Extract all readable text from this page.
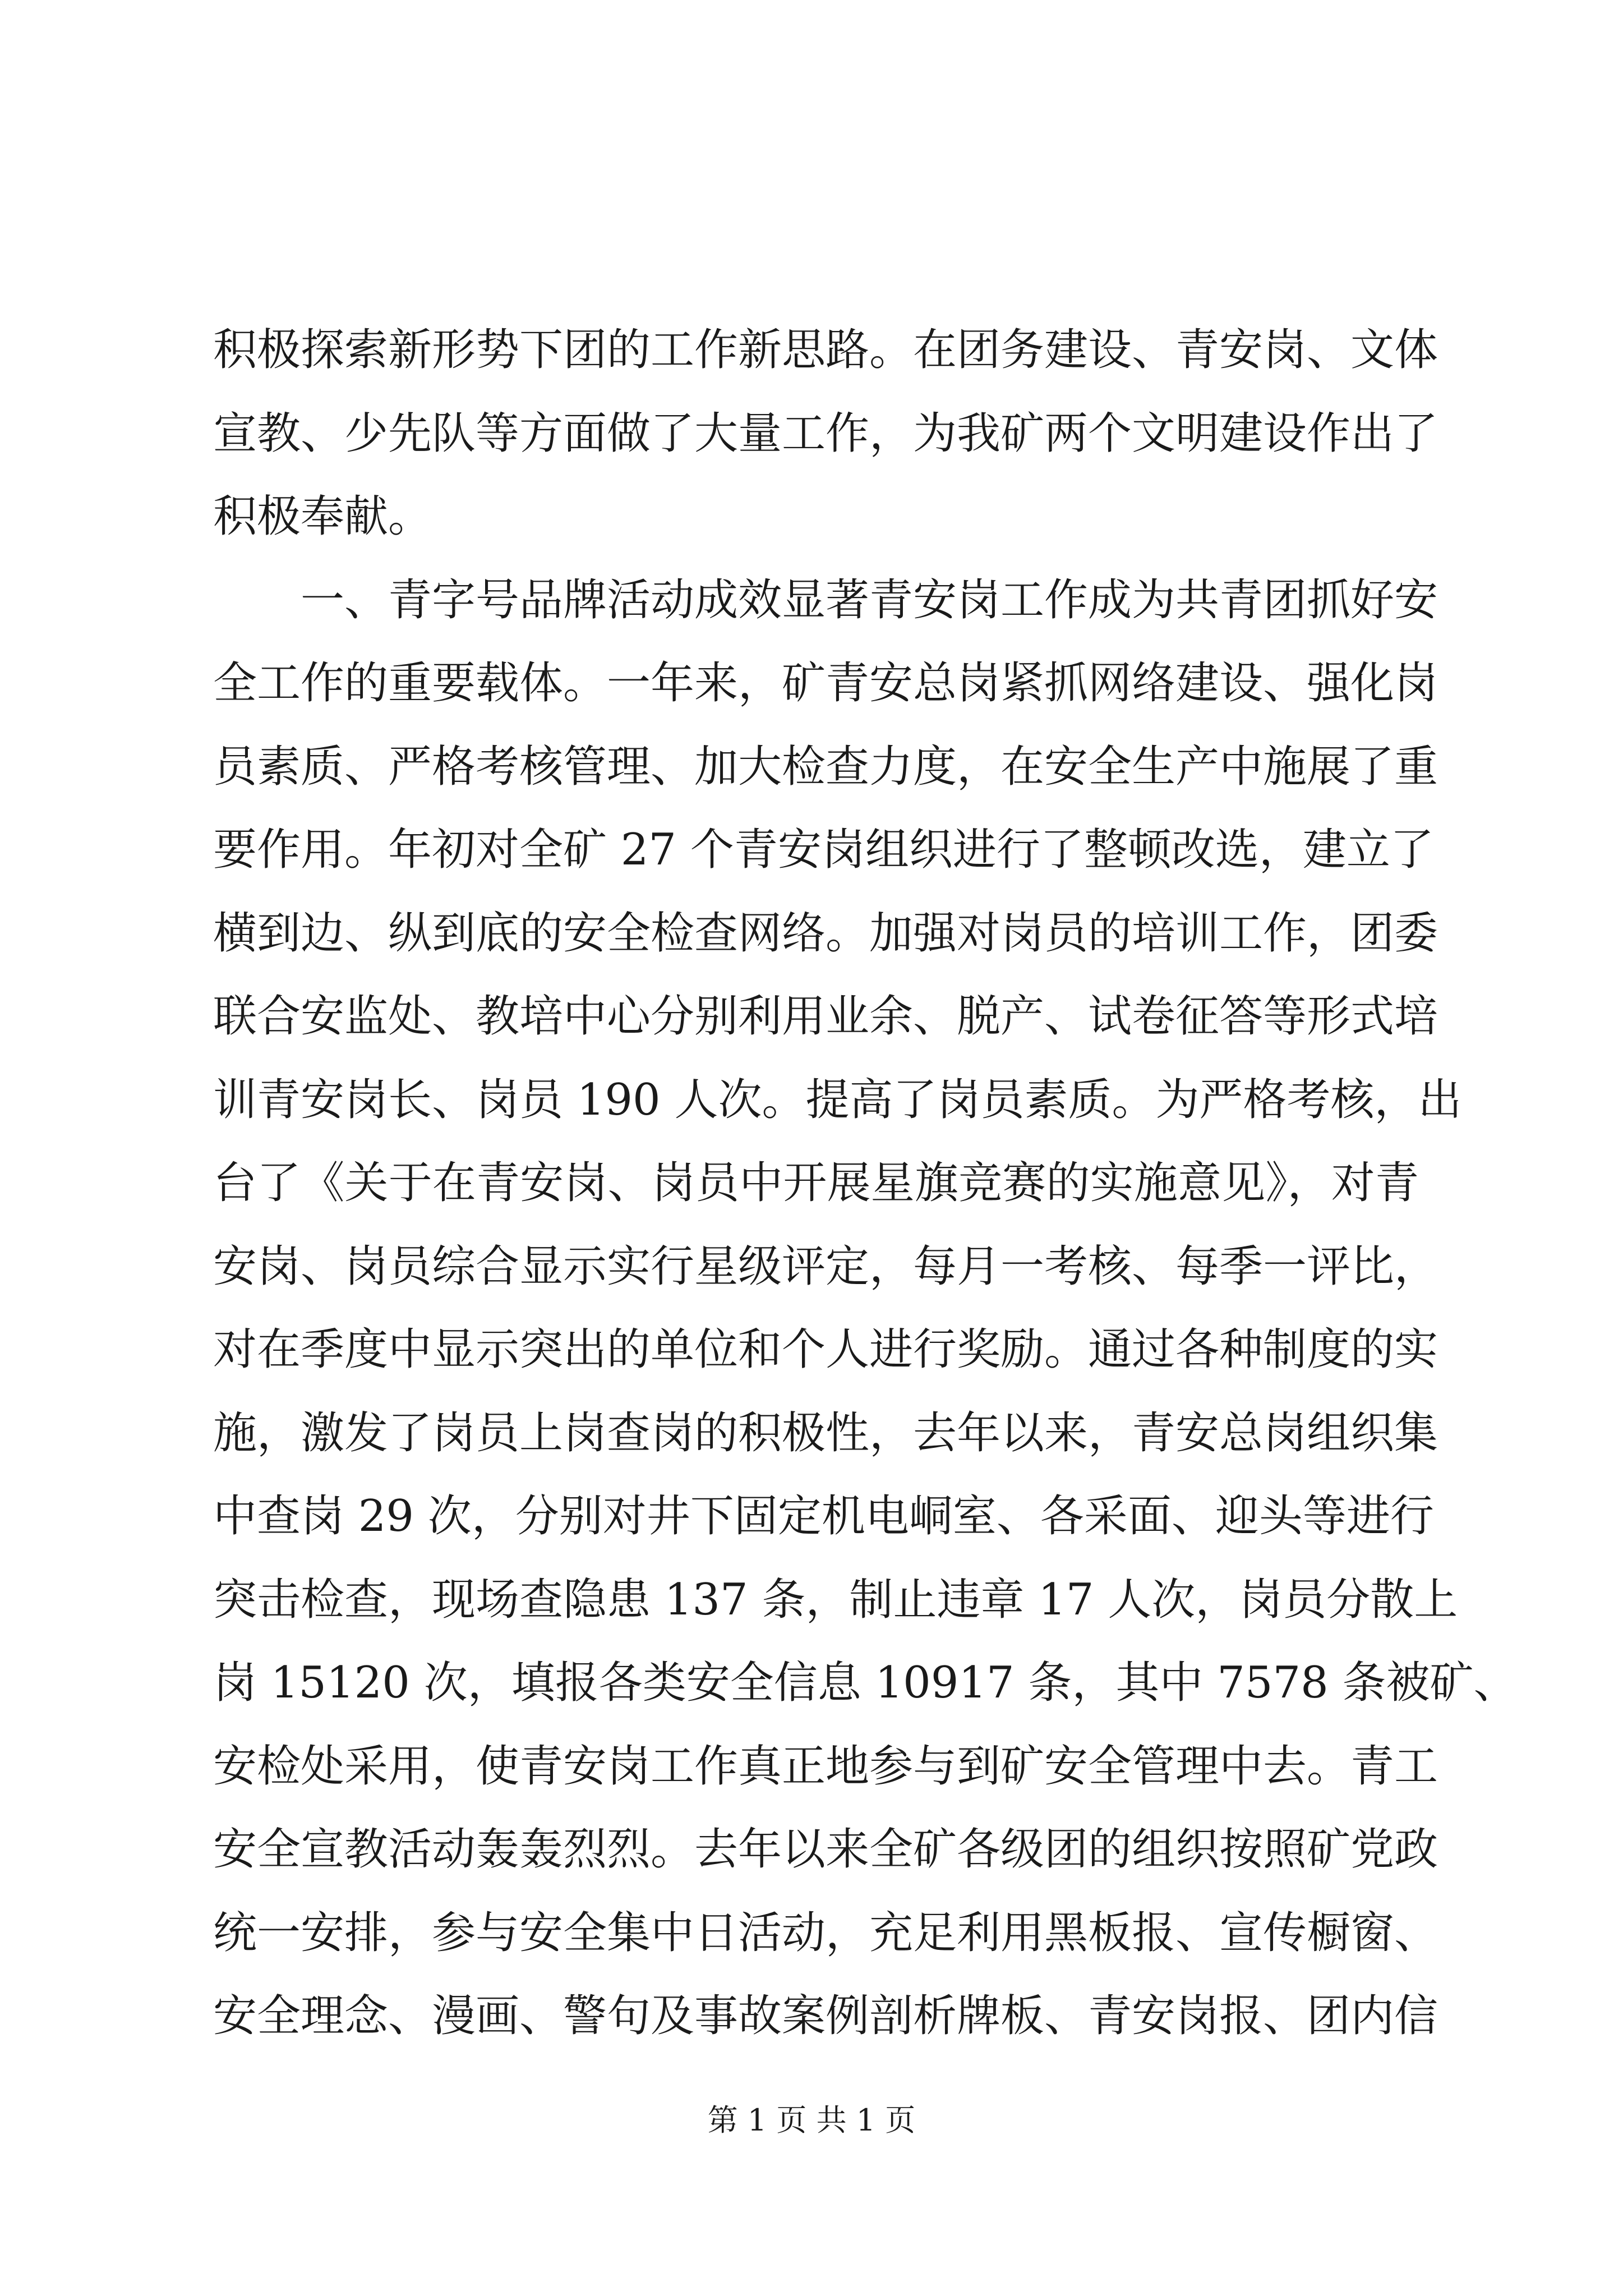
积极探索新形势下团的工作新思路。在团务建设、青安岗、文体
宣教、少先队等方面做了大量工作，为我矿两个文明建设作出了
积极奉献。
一、青字号品牌活动成效显著青安岗工作成为共青团抓好安
全工作的重要载体。一年来，矿青安总岗紧抓网络建设、强化岗
员素质、严格考核管理、加大检查力度，在安全生产中施展了重
要作用。年初对全矿 27 个青安岗组织进行了整顿改选，建立了
横到边、纵到底的安全检查网络。加强对岗员的培训工作，团委
联合安监处、教培中心分别利用业余、脱产、试卷征答等形式培
训青安岗长、岗员 190 人次。提高了岗员素质。为严格考核，出
台了《关于在青安岗、岗员中开展星旗竞赛的实施意见》，对青
安岗、岗员综合显示实行星级评定，每月一考核、每季一评比，
对在季度中显示突出的单位和个人进行奖励。通过各种制度的实
施，激发了岗员上岗查岗的积极性，去年以来，青安总岗组织集
中查岗 29 次，分别对井下固定机电峒室、各采面、迎头等进行
突击检查，现场查隐患 137 条，制止违章 17 人次，岗员分散上
岗 15120 次，填报各类安全信息 10917 条，其中 7578 条被矿、
安检处采用，使青安岗工作真正地参与到矿安全管理中去。青工
安全宣教活动轰轰烈烈。去年以来全矿各级团的组织按照矿党政
统一安排，参与安全集中日活动，充足利用黑板报、宣传橱窗、
安全理念、漫画、警句及事故案例剖析牌板、青安岗报、团内信
第 1 页 共 1 页
